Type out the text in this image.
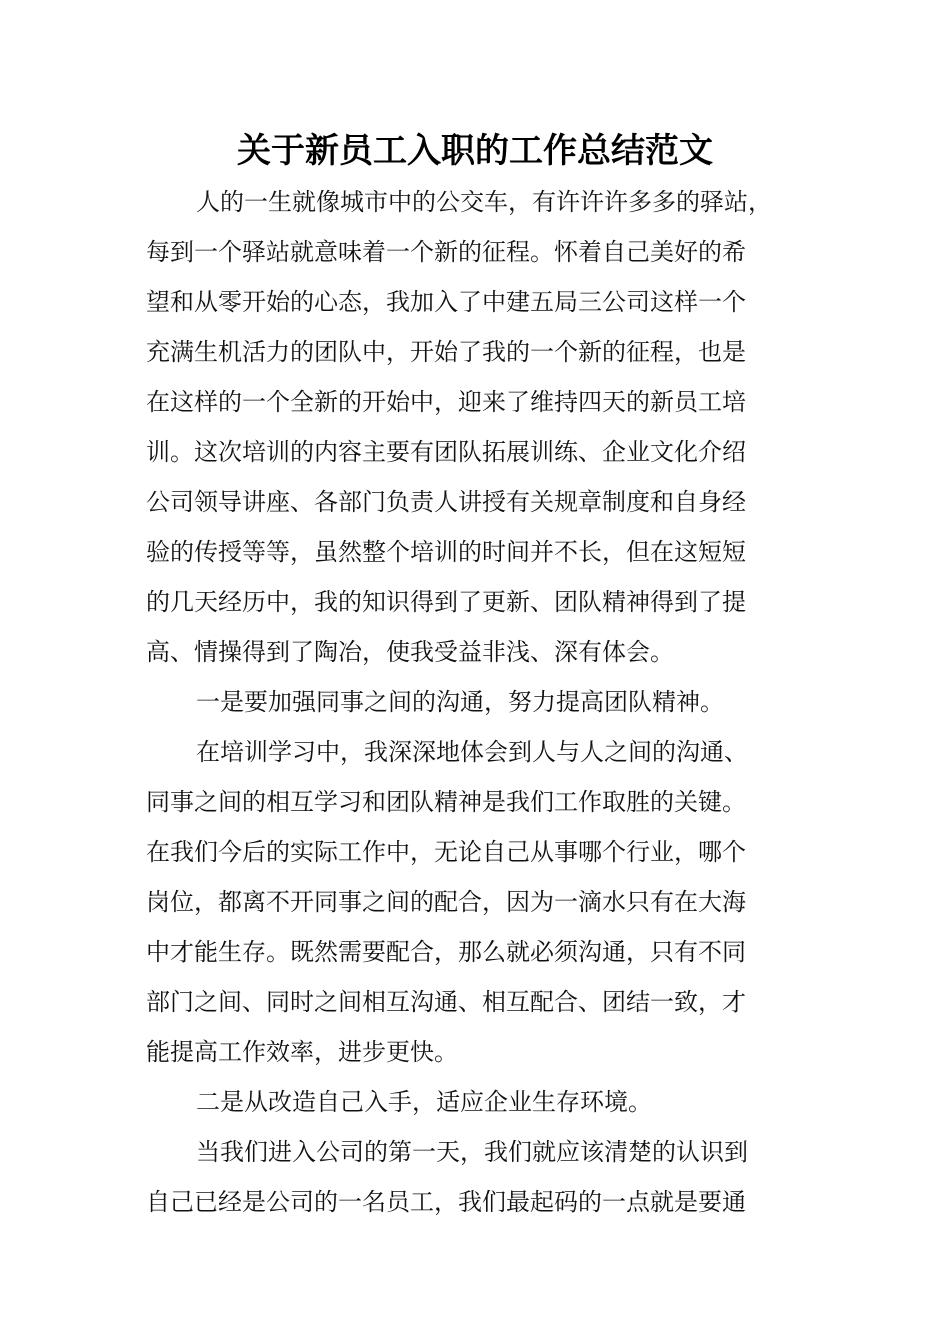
关于新员工入职的工作总结范文
人的一生就像城市中的公交车，有许许许多多的驿站，
每到一个驿站就意味着一个新的征程。怀着自己美好的希
望和从零开始的心态，我加入了中建五局三公司这样一个
充满生机活力的团队中，开始了我的一个新的征程，也是
在这样的一个全新的开始中，迎来了维持四天的新员工培
训。这次培训的内容主要有团队拓展训练、企业文化介绍
公司领导讲座、各部门负责人讲授有关规章制度和自身经
验的传授等等，虽然整个培训的时间并不长，但在这短短
的几天经历中，我的知识得到了更新、团队精神得到了提
高、情操得到了陶冶，使我受益非浅、深有体会。
一是要加强同事之间的沟通，努力提高团队精神。
在培训学习中，我深深地体会到人与人之间的沟通、
同事之间的相互学习和团队精神是我们工作取胜的关键。
在我们今后的实际工作中，无论自己从事哪个行业，哪个
岗位，都离不开同事之间的配合，因为一滴水只有在大海
中才能生存。既然需要配合，那么就必须沟通，只有不同
部门之间、同时之间相互沟通、相互配合、团结一致，才
能提高工作效率，进步更快。
二是从改造自己入手，适应企业生存环境。
当我们进入公司的第一天，我们就应该清楚的认识到
自己已经是公司的一名员工，我们最起码的一点就是要通
